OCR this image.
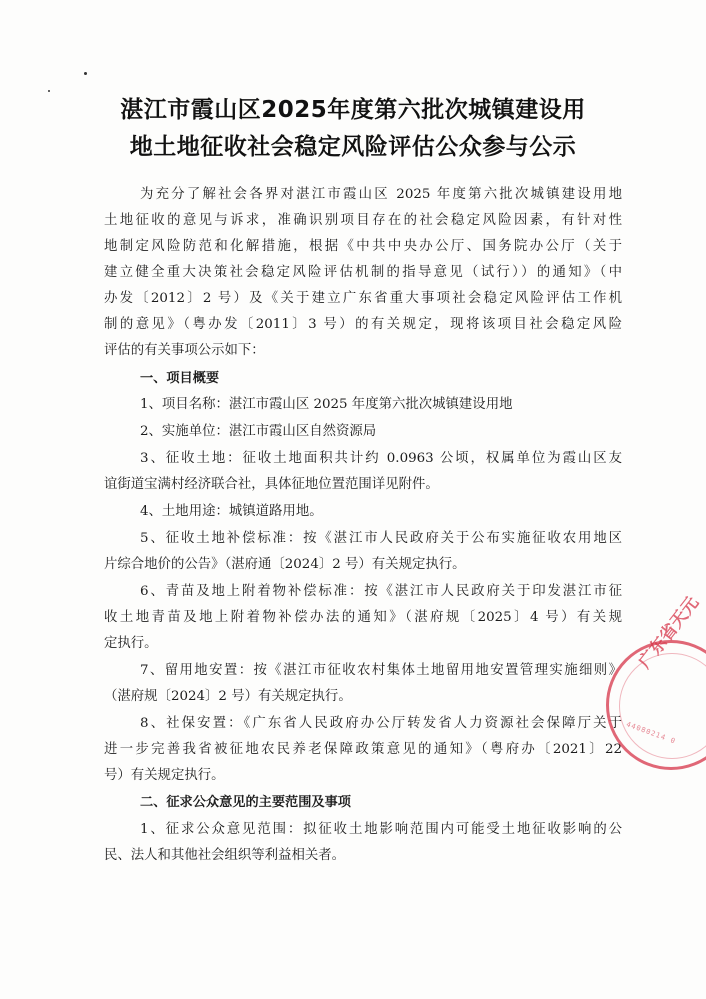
湛江市霞山区2025年度第六批次城镇建设用
地土地征收社会稳定风险评估公众参与公示
为充分了解社会各界对湛江市霞山区 2025 年度第六批次城镇建设用地
土地征收的意见与诉求，准确识别项目存在的社会稳定风险因素，有针对性
地制定风险防范和化解措施，根据《中共中央办公厅、国务院办公厅（关于
建立健全重大决策社会稳定风险评估机制的指导意见（试行））的通知》（中
办发〔2012〕2 号）及《关于建立广东省重大事项社会稳定风险评估工作机
制的意见》（粤办发〔2011〕3 号）的有关规定，现将该项目社会稳定风险
评估的有关事项公示如下：
一、项目概要
1、项目名称：湛江市霞山区 2025 年度第六批次城镇建设用地
2、实施单位：湛江市霞山区自然资源局
3、征收土地：征收土地面积共计约 0.0963 公顷，权属单位为霞山区友
谊街道宝满村经济联合社，具体征地位置范围详见附件。
4、土地用途：城镇道路用地。
5、征收土地补偿标准：按《湛江市人民政府关于公布实施征收农用地区
片综合地价的公告》（湛府通〔2024〕2 号）有关规定执行。
6、青苗及地上附着物补偿标准：按《湛江市人民政府关于印发湛江市征
收土地青苗及地上附着物补偿办法的通知》（湛府规〔2025〕4 号）有关规
定执行。
7、留用地安置：按《湛江市征收农村集体土地留用地安置管理实施细则》
（湛府规〔2024〕2 号）有关规定执行。
8、社保安置：《广东省人民政府办公厅转发省人力资源社会保障厅关于
进一步完善我省被征地农民养老保障政策意见的通知》（粤府办〔2021〕22
号）有关规定执行。
二、征求公众意见的主要范围及事项
1、征求公众意见范围：拟征收土地影响范围内可能受土地征收影响的公
民、法人和其他社会组织等利益相关者。
广东省天元
44080214 0
